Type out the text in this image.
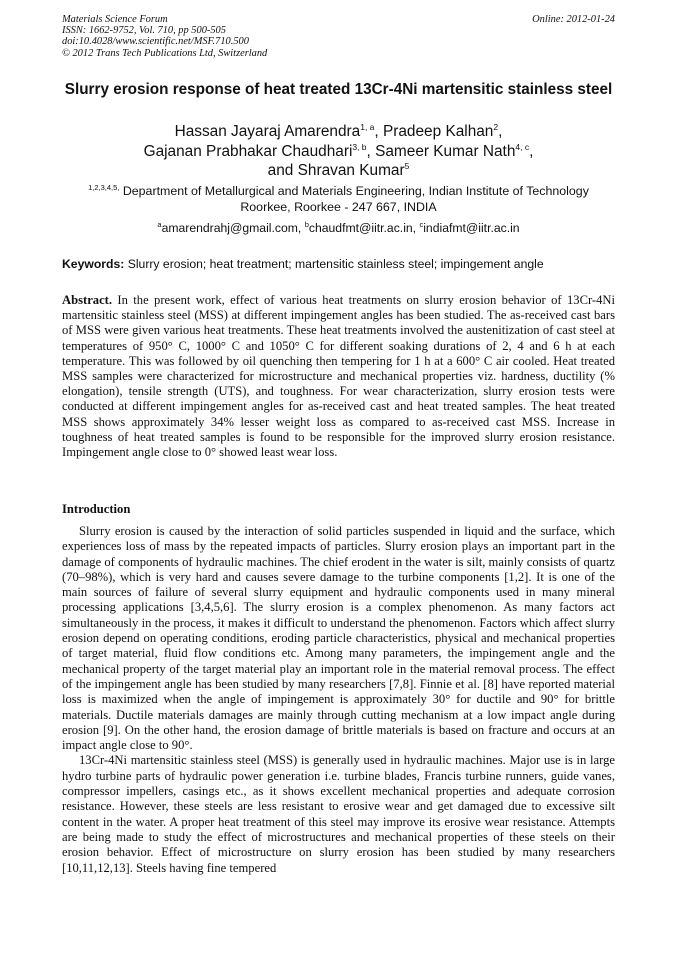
Materials Science Forum
ISSN: 1662-9752, Vol. 710, pp 500-505
doi:10.4028/www.scientific.net/MSF.710.500
© 2012 Trans Tech Publications Ltd, Switzerland
Online: 2012-01-24
Slurry erosion response of heat treated 13Cr-4Ni martensitic stainless steel
Hassan Jayaraj Amarendra$^{1, a}$, Pradeep Kalhan$^2$,
Gajanan Prabhakar Chaudhari$^{3, b}$, Sameer Kumar Nath$^{4, c}$,
and Shravan Kumar$^5$
$^{1,2,3,4,5,}$ Department of Metallurgical and Materials Engineering, Indian Institute of Technology Roorkee, Roorkee - 247 667, INDIA
$^a$amarendrahj@gmail.com, $^b$chaudfmt@iitr.ac.in, $^c$indiafmt@iitr.ac.in
Keywords: Slurry erosion; heat treatment; martensitic stainless steel; impingement angle
Abstract. In the present work, effect of various heat treatments on slurry erosion behavior of 13Cr-4Ni martensitic stainless steel (MSS) at different impingement angles has been studied. The as-received cast bars of MSS were given various heat treatments. These heat treatments involved the austenitization of cast steel at temperatures of 950° C, 1000° C and 1050° C for different soaking durations of 2, 4 and 6 h at each temperature. This was followed by oil quenching then tempering for 1 h at a 600° C air cooled. Heat treated MSS samples were characterized for microstructure and mechanical properties viz. hardness, ductility (% elongation), tensile strength (UTS), and toughness. For wear characterization, slurry erosion tests were conducted at different impingement angles for as-received cast and heat treated samples. The heat treated MSS shows approximately 34% lesser weight loss as compared to as-received cast MSS. Increase in toughness of heat treated samples is found to be responsible for the improved slurry erosion resistance. Impingement angle close to 0° showed least wear loss.
Introduction

Slurry erosion is caused by the interaction of solid particles suspended in liquid and the surface, which experiences loss of mass by the repeated impacts of particles. Slurry erosion plays an important part in the damage of components of hydraulic machines. The chief erodent in the water is silt, mainly consists of quartz (70–98%), which is very hard and causes severe damage to the turbine components [1,2]. It is one of the main sources of failure of several slurry equipment and hydraulic components used in many mineral processing applications [3,4,5,6]. The slurry erosion is a complex phenomenon. As many factors act simultaneously in the process, it makes it difficult to understand the phenomenon. Factors which affect slurry erosion depend on operating conditions, eroding particle characteristics, physical and mechanical properties of target material, fluid flow conditions etc. Among many parameters, the impingement angle and the mechanical property of the target material play an important role in the material removal process. The effect of the impingement angle has been studied by many researchers [7,8]. Finnie et al. [8] have reported material loss is maximized when the angle of impingement is approximately 30° for ductile and 90° for brittle materials. Ductile materials damages are mainly through cutting mechanism at a low impact angle during erosion [9]. On the other hand, the erosion damage of brittle materials is based on fracture and occurs at an impact angle close to 90°.

13Cr-4Ni martensitic stainless steel (MSS) is generally used in hydraulic machines. Major use is in large hydro turbine parts of hydraulic power generation i.e. turbine blades, Francis turbine runners, guide vanes, compressor impellers, casings etc., as it shows excellent mechanical properties and adequate corrosion resistance. However, these steels are less resistant to erosive wear and get damaged due to excessive silt content in the water. A proper heat treatment of this steel may improve its erosive wear resistance. Attempts are being made to study the effect of microstructures and mechanical properties of these steels on their erosion behavior. Effect of microstructure on slurry erosion has been studied by many researchers [10,11,12,13]. Steels having fine tempered
